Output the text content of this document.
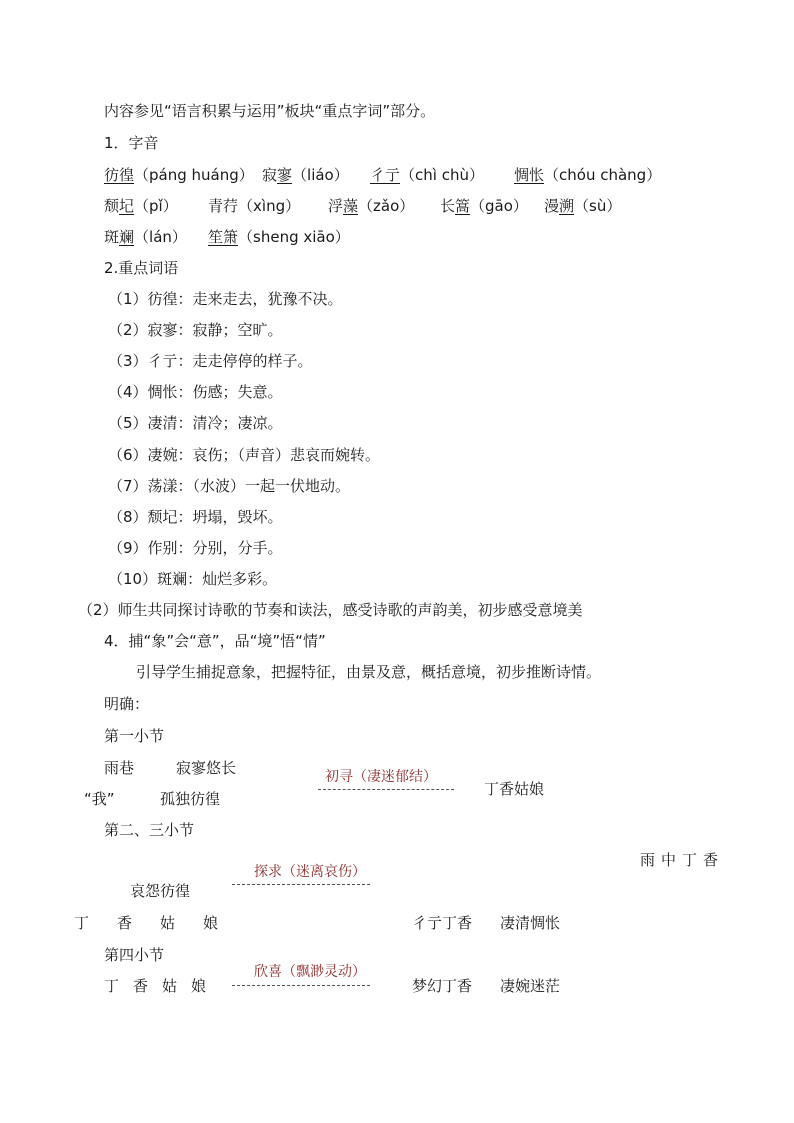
内容参见“语言积累与运用”板块“重点字词”部分。
1．字音
彷徨（páng huáng） 寂寥（liáo） 彳亍（chì chù） 惆怅（chóu chàng）
颓圮（pǐ） 青荇（xìng） 浮藻（zǎo） 长篙（gāo） 漫溯（sù）
斑斓（lán） 笙箫（sheng xiāo）
2.重点词语
（1）彷徨：走来走去，犹豫不决。
（2）寂寥：寂静；空旷。
（3）彳亍：走走停停的样子。
（4）惆怅：伤感；失意。
（5）凄清：清冷；凄凉。
（6）凄婉：哀伤；（声音）悲哀而婉转。
（7）荡漾：（水波）一起一伏地动。
（8）颓圮：坍塌，毁坏。
（9）作别：分别，分手。
（10）斑斓：灿烂多彩。
（2）师生共同探讨诗歌的节奏和读法，感受诗歌的声韵美，初步感受意境美
4．捕“象”会“意”，品“境”悟“情”
引导学生捕捉意象，把握特征，由景及意，概括意境，初步推断诗情。
明确：
第一小节
雨巷	寂寥悠长
“我”	孤独彷徨
初寻（凄迷郁结）
丁香姑娘
第二、三小节
雨中丁香
探求（迷离哀伤）
哀怨彷徨
丁香姑娘	彳亍丁香 凄清惆怅
第四小节
欣喜（飘渺灵动）
丁香姑娘	梦幻丁香 凄婉迷茫
